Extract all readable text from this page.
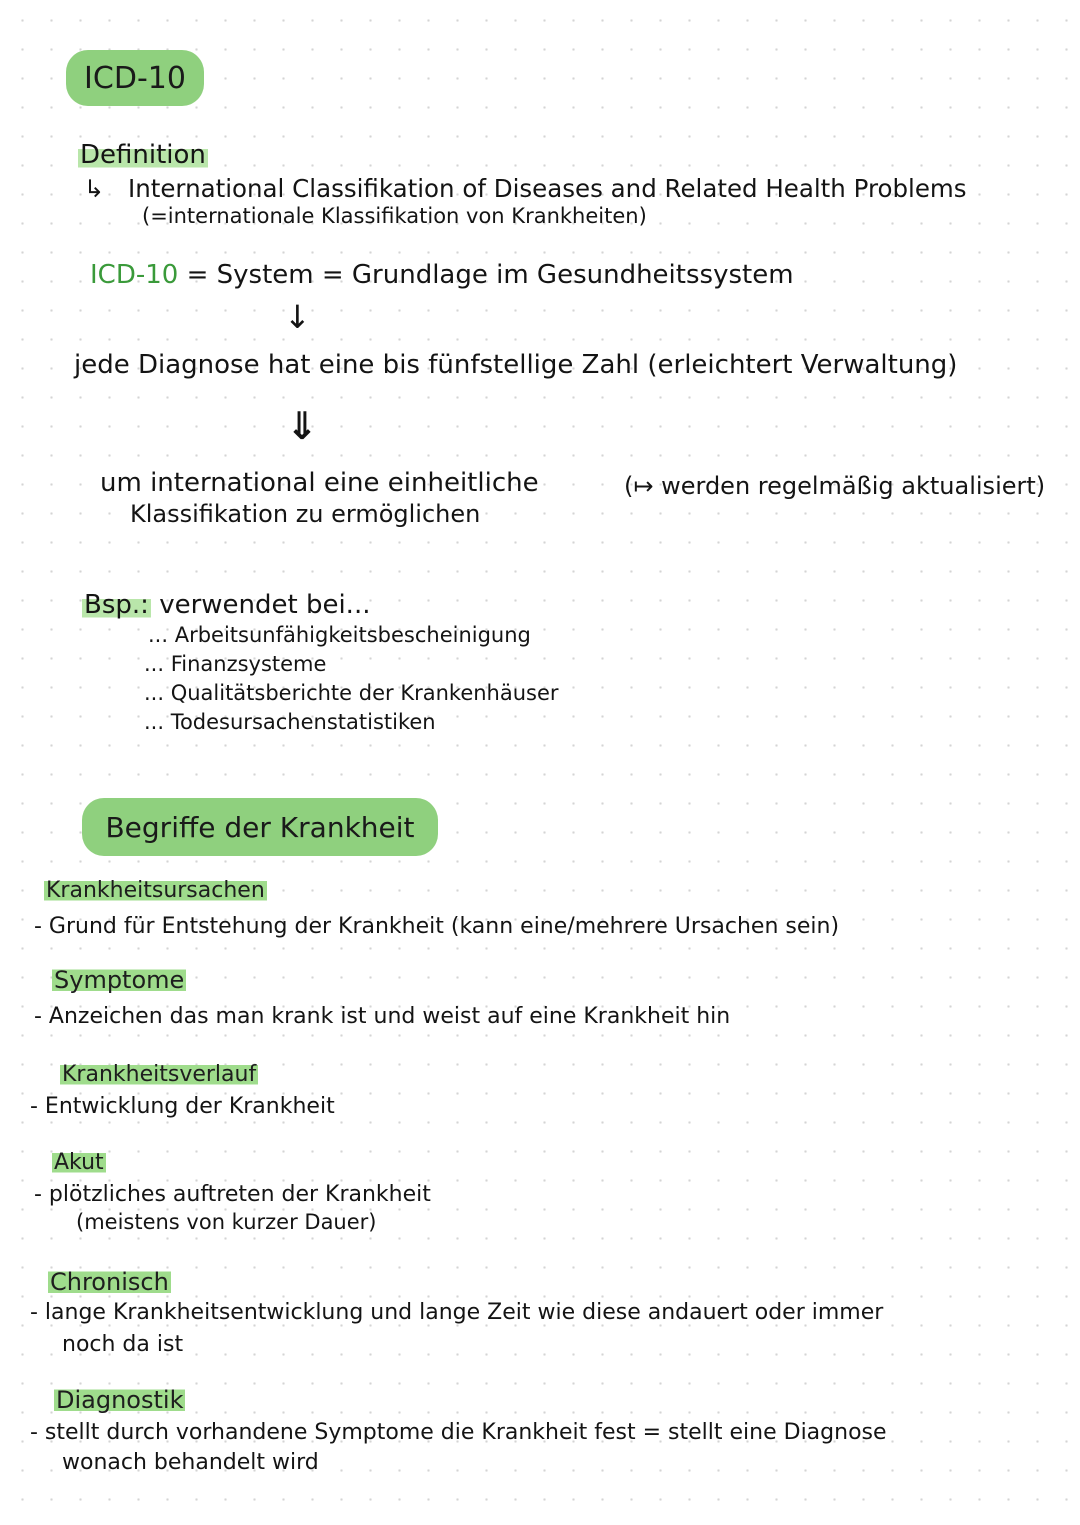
ICD-10
Definition
↳ International Classifikation of Diseases and Related Health Problems
(=internationale Klassifikation von Krankheiten)
ICD-10 = System = Grundlage im Gesundheitssystem
↓
jede Diagnose hat eine bis fünfstellige Zahl (erleichtert Verwaltung)
⇓
um international eine einheitliche	(↦ werden regelmäßig aktualisiert)
Klassifikation zu ermöglichen
Bsp.: verwendet bei...
... Arbeitsunfähigkeitsbescheinigung
... Finanzsysteme
... Qualitätsberichte der Krankenhäuser
... Todesursachenstatistiken
Begriffe der Krankheit
Krankheitsursachen
- Grund für Entstehung der Krankheit (kann eine/mehrere Ursachen sein)
Symptome
- Anzeichen das man krank ist und weist auf eine Krankheit hin
Krankheitsverlauf
- Entwicklung der Krankheit
Akut
- plötzliches auftreten der Krankheit
(meistens von kurzer Dauer)
Chronisch
- lange Krankheitsentwicklung und lange Zeit wie diese andauert oder immer
noch da ist
Diagnostik
- stellt durch vorhandene Symptome die Krankheit fest = stellt eine Diagnose
wonach behandelt wird
